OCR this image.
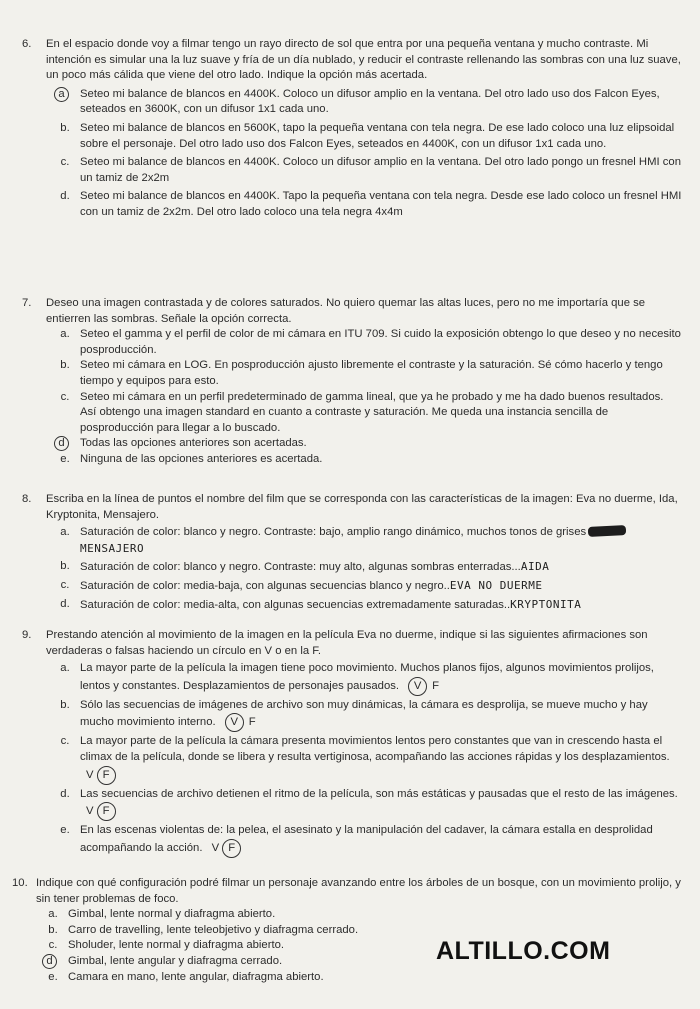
6. En el espacio donde voy a filmar tengo un rayo directo de sol que entra por una pequeña ventana y mucho contraste. Mi intención es simular una la luz suave y fría de un día nublado, y reducir el contraste rellenando las sombras con una luz suave, un poco más cálida que viene del otro lado. Indique la opción más acertada.
a	Seteo mi balance de blancos en 4400K. Coloco un difusor amplio en la ventana. Del otro lado uso dos Falcon Eyes, seteados en 3600K, con un difusor 1x1 cada uno.
b. Seteo mi balance de blancos en 5600K, tapo la pequeña ventana con tela negra. De ese lado coloco una luz elipsoidal sobre el personaje. Del otro lado uso dos Falcon Eyes, seteados en 4400K, con un difusor 1x1 cada uno.
c. Seteo mi balance de blancos en 4400K. Coloco un difusor amplio en la ventana. Del otro lado pongo un fresnel HMI con un tamiz de 2x2m
d. Seteo mi balance de blancos en 4400K. Tapo la pequeña ventana con tela negra. Desde ese lado coloco un fresnel HMI con un tamiz de 2x2m. Del otro lado coloco una tela negra 4x4m
7. Deseo una imagen contrastada y de colores saturados. No quiero quemar las altas luces, pero no me importaría que se entierren las sombras. Señale la opción correcta.
a. Seteo el gamma y el perfil de color de mi cámara en ITU 709. Si cuido la exposición obtengo lo que deseo y no necesito posproducción.
b. Seteo mi cámara en LOG. En posproducción ajusto libremente el contraste y la saturación. Sé cómo hacerlo y tengo tiempo y equipos para esto.
c. Seteo mi cámara en un perfil predeterminado de gamma lineal, que ya he probado y me ha dado buenos resultados. Así obtengo una imagen standard en cuanto a contraste y saturación. Me queda una instancia sencilla de posproducción para llegar a lo buscado.
d	Todas las opciones anteriores son acertadas.
e. Ninguna de las opciones anteriores es acertada.
8. Escriba en la línea de puntos el nombre del film que se corresponda con las características de la imagen: Eva no duerme, Ida, Kryptonita, Mensajero.
a. Saturación de color: blanco y negro. Contraste: bajo, amplio rango dinámico, muchos tonos de grisesMENSAJERO
b. Saturación de color: blanco y negro. Contraste: muy alto, algunas sombras enterradas...AIDA
c. Saturación de color: media-baja, con algunas secuencias blanco y negro..EVA NO DUERME
d. Saturación de color: media-alta, con algunas secuencias extremadamente saturadas..KRYPTONITA
9. Prestando atención al movimiento de la imagen en la película Eva no duerme, indique si las siguientes afirmaciones son verdaderas o falsas haciendo un círculo en V o en la F.
a. La mayor parte de la película la imagen tiene poco movimiento. Muchos planos fijos, algunos movimientos prolijos, lentos y constantes. Desplazamientos de personajes pausados. V F
b. Sólo las secuencias de imágenes de archivo son muy dinámicas, la cámara es desprolija, se mueve mucho y hay mucho movimiento interno. V F
c. La mayor parte de la película la cámara presenta movimientos lentos pero constantes que van in crescendo hasta el climax de la película, donde se libera y resulta vertiginosa, acompañando las acciones rápidas y los desplazamientos. V F
d. Las secuencias de archivo detienen el ritmo de la película, son más estáticas y pausadas que el resto de las imágenes. V F
e. En las escenas violentas de: la pelea, el asesinato y la manipulación del cadaver, la cámara estalla en desprolidad acompañando la acción. V F
10. Indique con qué configuración podré filmar un personaje avanzando entre los árboles de un bosque, con un movimiento prolijo, y sin tener problemas de foco.
a. Gimbal, lente normal y diafragma abierto.
b. Carro de travelling, lente teleobjetivo y diafragma cerrado.
c. Sholuder, lente normal y diafragma abierto.
d	Gimbal, lente angular y diafragma cerrado.
e. Camara en mano, lente angular, diafragma abierto.
ALTILLO.COM
